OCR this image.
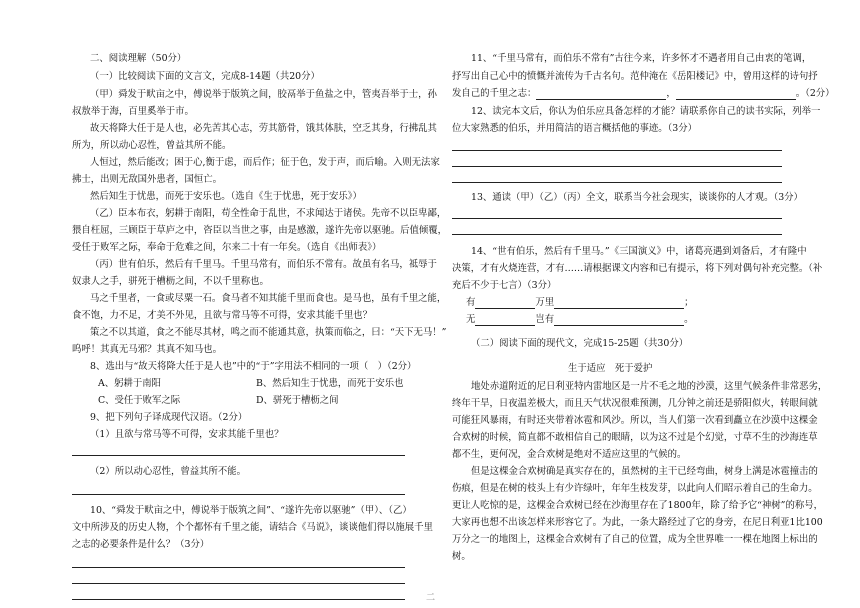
二、阅读理解（50分）
（一）比较阅读下面的文言文，完成8-14题（共20分）
（甲）舜发于畎亩之中，傅说举于版筑之间，胶鬲举于鱼盐之中，管夷吾举于士，孙
叔敖举于海，百里奚举于市。
故天将降大任于是人也，必先苦其心志，劳其筋骨，饿其体肤，空乏其身，行拂乱其
所为，所以动心忍性，曾益其所不能。
人恒过，然后能改；困于心,衡于虑，而后作；征于色，发于声，而后喻。入则无法家
拂士，出则无敌国外患者，国恒亡。
然后知生于忧患，而死于安乐也。（选自《生于忧患，死于安乐》）
（乙）臣本布衣，躬耕于南阳，苟全性命于乱世，不求闻达于诸侯。先帝不以臣卑鄙，
猥自枉屈，三顾臣于草庐之中，咨臣以当世之事，由是感激，遂许先帝以驱驰。后值倾覆，
受任于败军之际，奉命于危难之间，尔来二十有一年矣。（选自《出师表》）
（丙）世有伯乐，然后有千里马。千里马常有，而伯乐不常有。故虽有名马，祗辱于
奴隶人之手，骈死于槽枥之间，不以千里称也。
马之千里者，一食或尽粟一石。食马者不知其能千里而食也。是马也，虽有千里之能，
食不饱，力不足，才美不外见，且欲与常马等不可得，安求其能千里也？
策之不以其道，食之不能尽其材，鸣之而不能通其意，执策而临之，曰：“天下无马！”
呜呼！其真无马邪？其真不知马也。
8、选出与“故天将降大任于是人也”中的“于”字用法不相同的一项（　）（2分）
A、躬耕于南阳	B、然后知生于忧患，而死于安乐也
C、受任于败军之际	D、骈死于槽枥之间
9、把下列句子译成现代汉语。（2分）
（1）且欲与常马等不可得，安求其能千里也？
（2）所以动心忍性，曾益其所不能。
10、“舜发于畎亩之中，傅说举于版筑之间”、“遂许先帝以驱驰”（甲）、（乙）
文中所涉及的历史人物，个个都怀有千里之能，请结合《马说》，谈谈他们得以施展千里
之志的必要条件是什么？（3分）
11、“千里马常有，而伯乐不常有”古往今来，许多怀才不遇者用自己由衷的笔调，
抒写出自己心中的愤慨并流传为千古名句。范仲淹在《岳阳楼记》中，曾用这样的诗句抒
发自己的千里之志：	，	。（2分）
12、读完本文后，你认为伯乐应具备怎样的才能？请联系你自己的读书实际，列举一
位大家熟悉的伯乐，并用简洁的语言概括他的事迹。（3分）
13、通读（甲）（乙）（丙）全文，联系当今社会现实，谈谈你的人才观。（3分）
14、“世有伯乐，然后有千里马。”《三国演义》中，诸葛亮遇到刘备后，才有隆中
决策，才有火烧连营，才有……请根据课文内容和已有提示，将下列对偶句补充完整。（补
充后不少于七言）（3分）
有	万里	；
无	岂有	。
（二）阅读下面的现代文，完成15-25题（共30分）
生于适应　死于爱护
地处赤道附近的尼日利亚特内雷地区是一片不毛之地的沙漠，这里气候条件非常恶劣，
终年干旱，日夜温差极大，而且天气状况很难预测，几分钟之前还是骄阳似火，转眼间就
可能狂风暴雨，有时还夹带着冰雹和风沙。所以，当人们第一次看到矗立在沙漠中这棵金
合欢树的时候，简直都不敢相信自己的眼睛，以为这不过是个幻觉，寸草不生的沙海连草
都不生，更何况，金合欢树是绝对不适应这里的气候的。
但是这棵金合欢树确是真实存在的，虽然树的主干已经弯曲，树身上满是冰雹撞击的
伤痕，但是在树的枝头上有少许绿叶，年年生枝发芽，以此向人们昭示着自己的生命力。
更让人吃惊的是，这棵金合欢树已经在沙海里存在了1800年，除了给予它“神树”的称号，
大家再也想不出该怎样来形容它了。为此，一条大路经过了它的身旁，在尼日利亚1比100
万分之一的地图上，这棵金合欢树有了自己的位置，成为全世界唯一一棵在地图上标出的
树。
二
